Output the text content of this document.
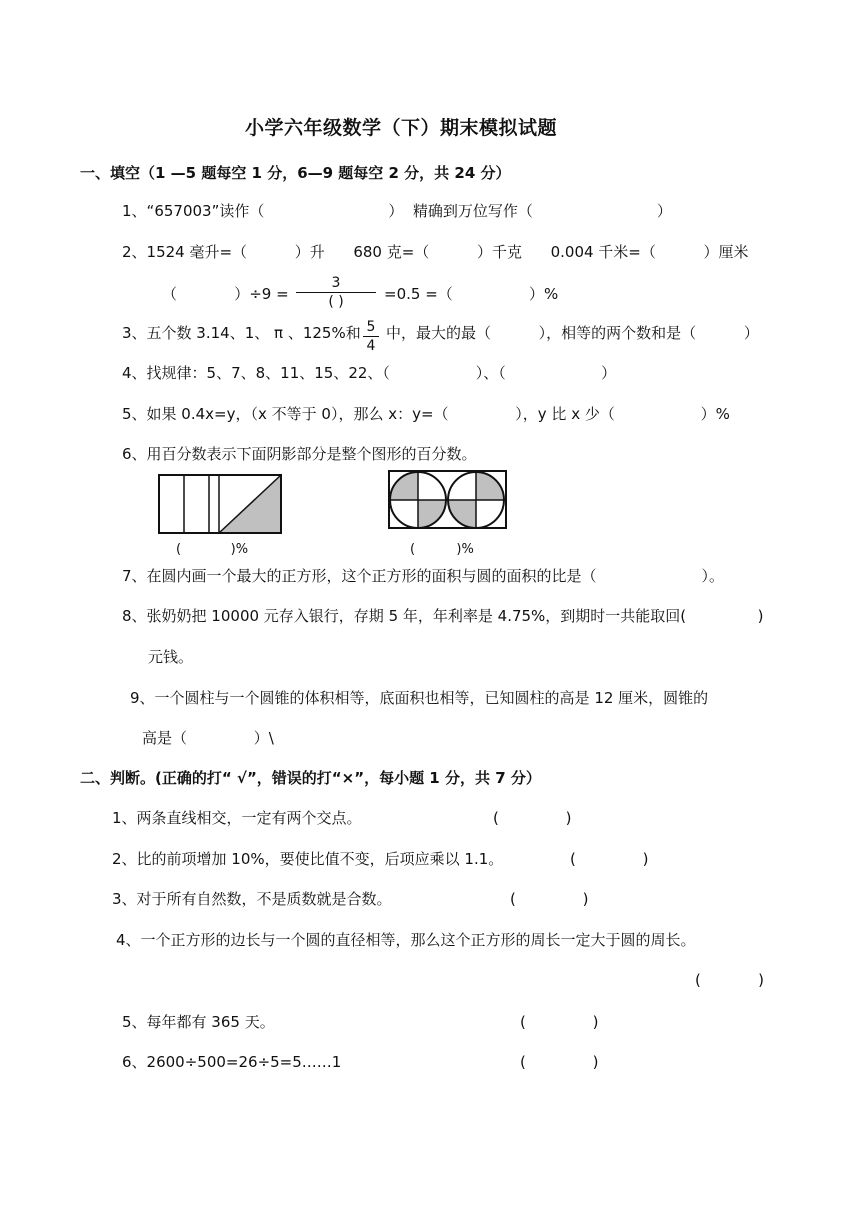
小学六年级数学（下）期末模拟试题
一、填空（1 —5 题每空 1 分，6—9 题每空 2 分，共 24 分）
1、“657003”读作（                          ）  精确到万位写作（                          ）
2、1524 毫升=（          ）升      680 克=（          ）千克      0.004 千米=（          ）厘米
（            ）÷9 =
3
( )	=0.5 =（                ）%
3、五个数 3.14、1、 π 、125%和 5
4
中，最大的最（          ），相等的两个数和是（          ）
4、找规律：5、7、8、11、15、22、（                  ）、（                    ）
5、如果 0.4x=y，（x 不等于 0），那么 x：y=（              ），y 比 x 少（                  ）%
6、用百分数表示下面阴影部分是整个图形的百分数。
(            )%	(          )%
7、在圆内画一个最大的正方形，这个正方形的面积与圆的面积的比是（                      ）。
8、张奶奶把 10000 元存入银行，存期 5 年，年利率是 4.75%，到期时一共能取回(               )
元钱。
9、一个圆柱与一个圆锥的体积相等，底面积也相等，已知圆柱的高是 12 厘米，圆锥的
高是（              ）\
二、判断。(正确的打“ √”，错误的打“×”，每小题 1 分，共 7 分）
1、两条直线相交，一定有两个交点。	(              )
2、比的前项增加 10%，要使比值不变，后项应乘以 1.1。	(              )
3、对于所有自然数，不是质数就是合数。	(              )
4、一个正方形的边长与一个圆的直径相等，那么这个正方形的周长一定大于圆的周长。
(            )
5、每年都有 365 天。	(              )
6、2600÷500=26÷5=5……1	(              )
